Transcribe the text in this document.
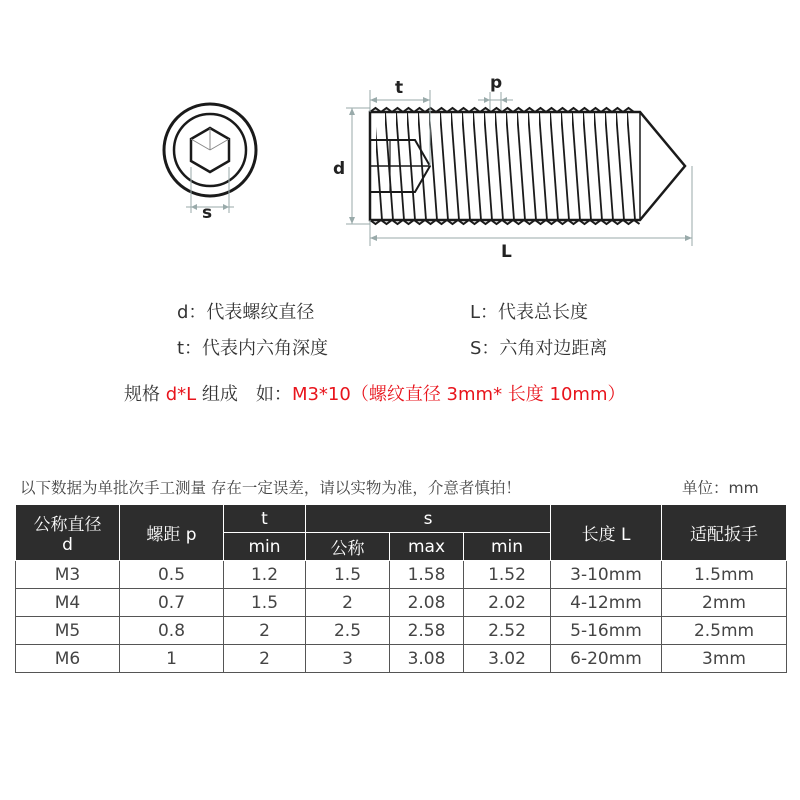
s
d
t	p
L
d：代表螺纹直径	L：代表总长度
t：代表内六角深度	S：六角对边距离
规格 d*L 组成　如：M3*10（螺纹直径 3mm* 长度 10mm）
以下数据为单批次手工测量 存在一定误差，请以实物为准，介意者慎拍！	单位：mm
公称直径
d	螺距 p	t	s			长度 L	适配扳手
		min	公称	max	min		
M3	0.5	1.2	1.5	1.58	1.52	3-10mm	1.5mm
M4	0.7	1.5	2	2.08	2.02	4-12mm	2mm
M5	0.8	2	2.5	2.58	2.52	5-16mm	2.5mm
M6	1	2	3	3.08	3.02	6-20mm	3mm
